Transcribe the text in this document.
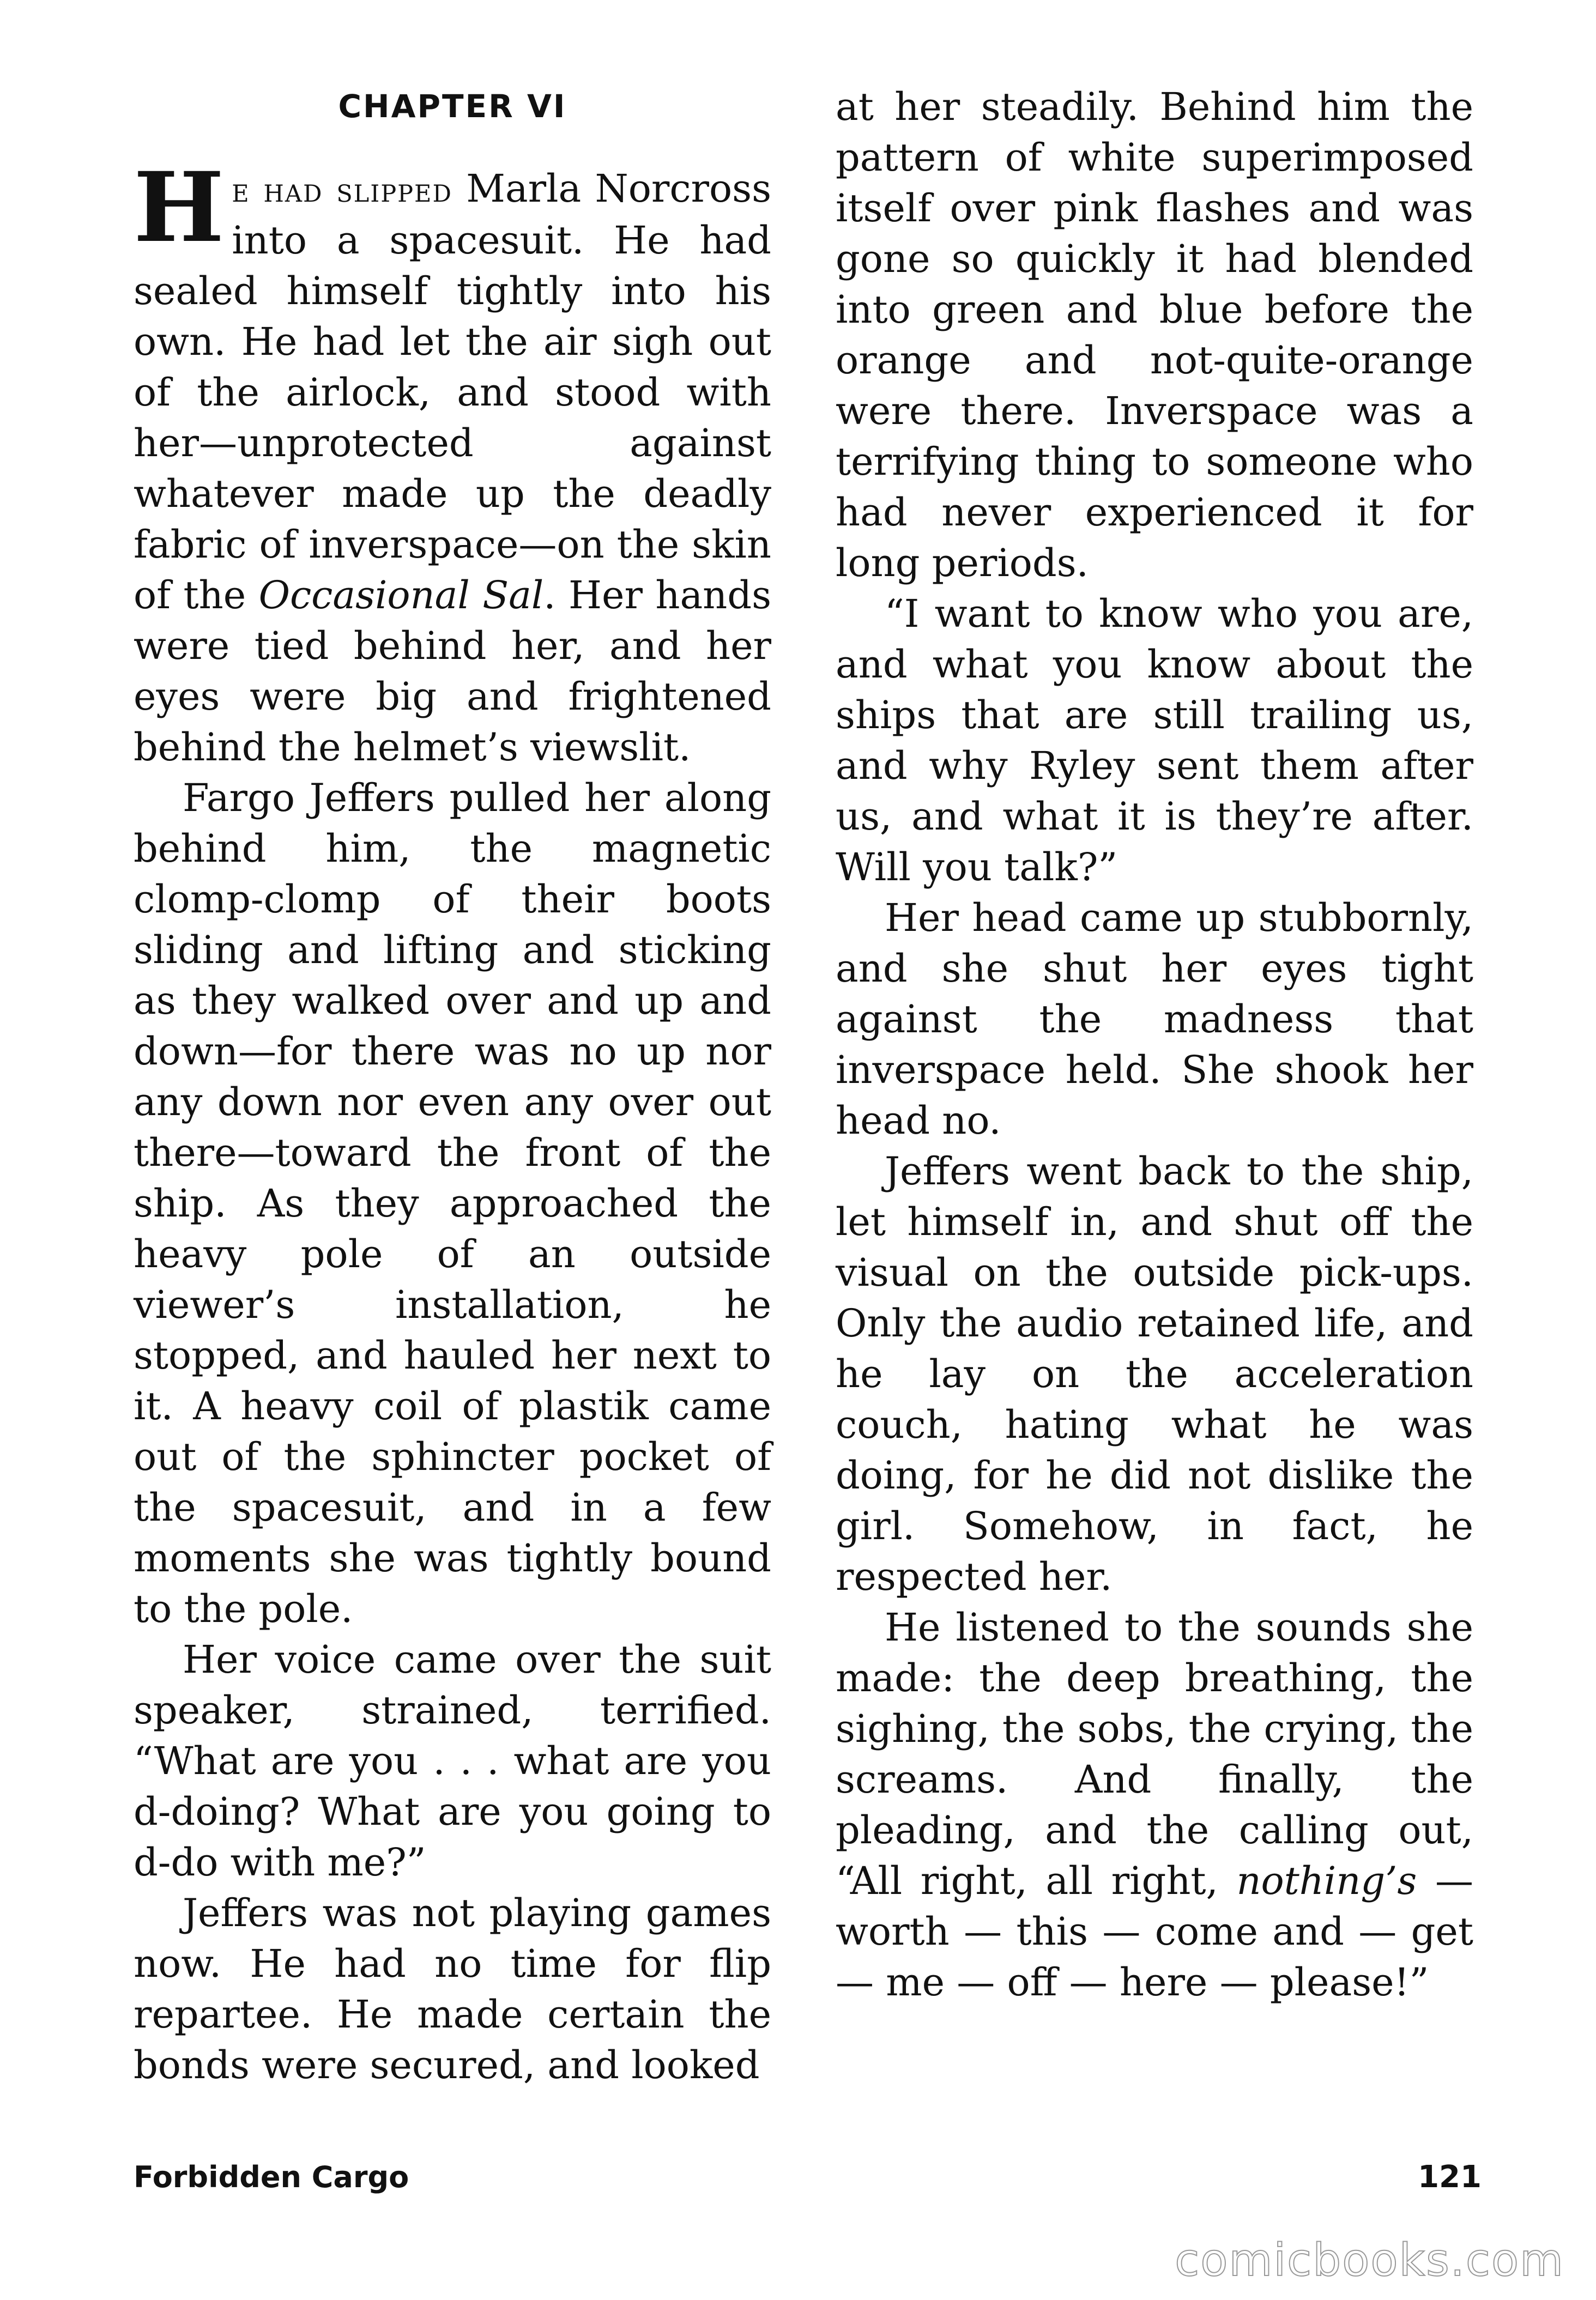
CHAPTER VI

He had slipped Marla Norcross into a spacesuit. He had sealed himself tightly into his own. He had let the air sigh out of the airlock, and stood with her—unprotected against whatever made up the deadly fabric of inverspace—on the skin of the Occasional Sal. Her hands were tied behind her, and her eyes were big and frightened behind the helmet’s viewslit.

Fargo Jeffers pulled her along behind him, the magnetic clomp-clomp of their boots sliding and lifting and sticking as they walked over and up and down—for there was no up nor any down nor even any over out there—toward the front of the ship. As they approached the heavy pole of an outside viewer’s installation, he stopped, and hauled her next to it. A heavy coil of plastik came out of the sphincter pocket of the spacesuit, and in a few moments she was tightly bound to the pole.

Her voice came over the suit speaker, strained, terrified. “What are you . . . what are you d-doing? What are you going to d-do with me?”

Jeffers was not playing games now. He had no time for flip repartee. He made certain the bonds were secured, and looked

at her steadily. Behind him the pattern of white superimposed itself over pink flashes and was gone so quickly it had blended into green and blue before the orange and not-quite-orange were there. Inverspace was a terrifying thing to someone who had never experienced it for long periods.

“I want to know who you are, and what you know about the ships that are still trailing us, and why Ryley sent them after us, and what it is they’re after. Will you talk?”

Her head came up stubbornly, and she shut her eyes tight against the madness that inverspace held. She shook her head no.

Jeffers went back to the ship, let himself in, and shut off the visual on the outside pick-ups. Only the audio retained life, and he lay on the acceleration couch, hating what he was doing, for he did not dislike the girl. Somehow, in fact, he respected her.

He listened to the sounds she made: the deep breathing, the sighing, the sobs, the crying, the screams. And finally, the pleading, and the calling out, “All right, all right, nothing’s — worth — this — come and — get — me — off — here — please!”

Forbidden Cargo	121
comicbooks.com
